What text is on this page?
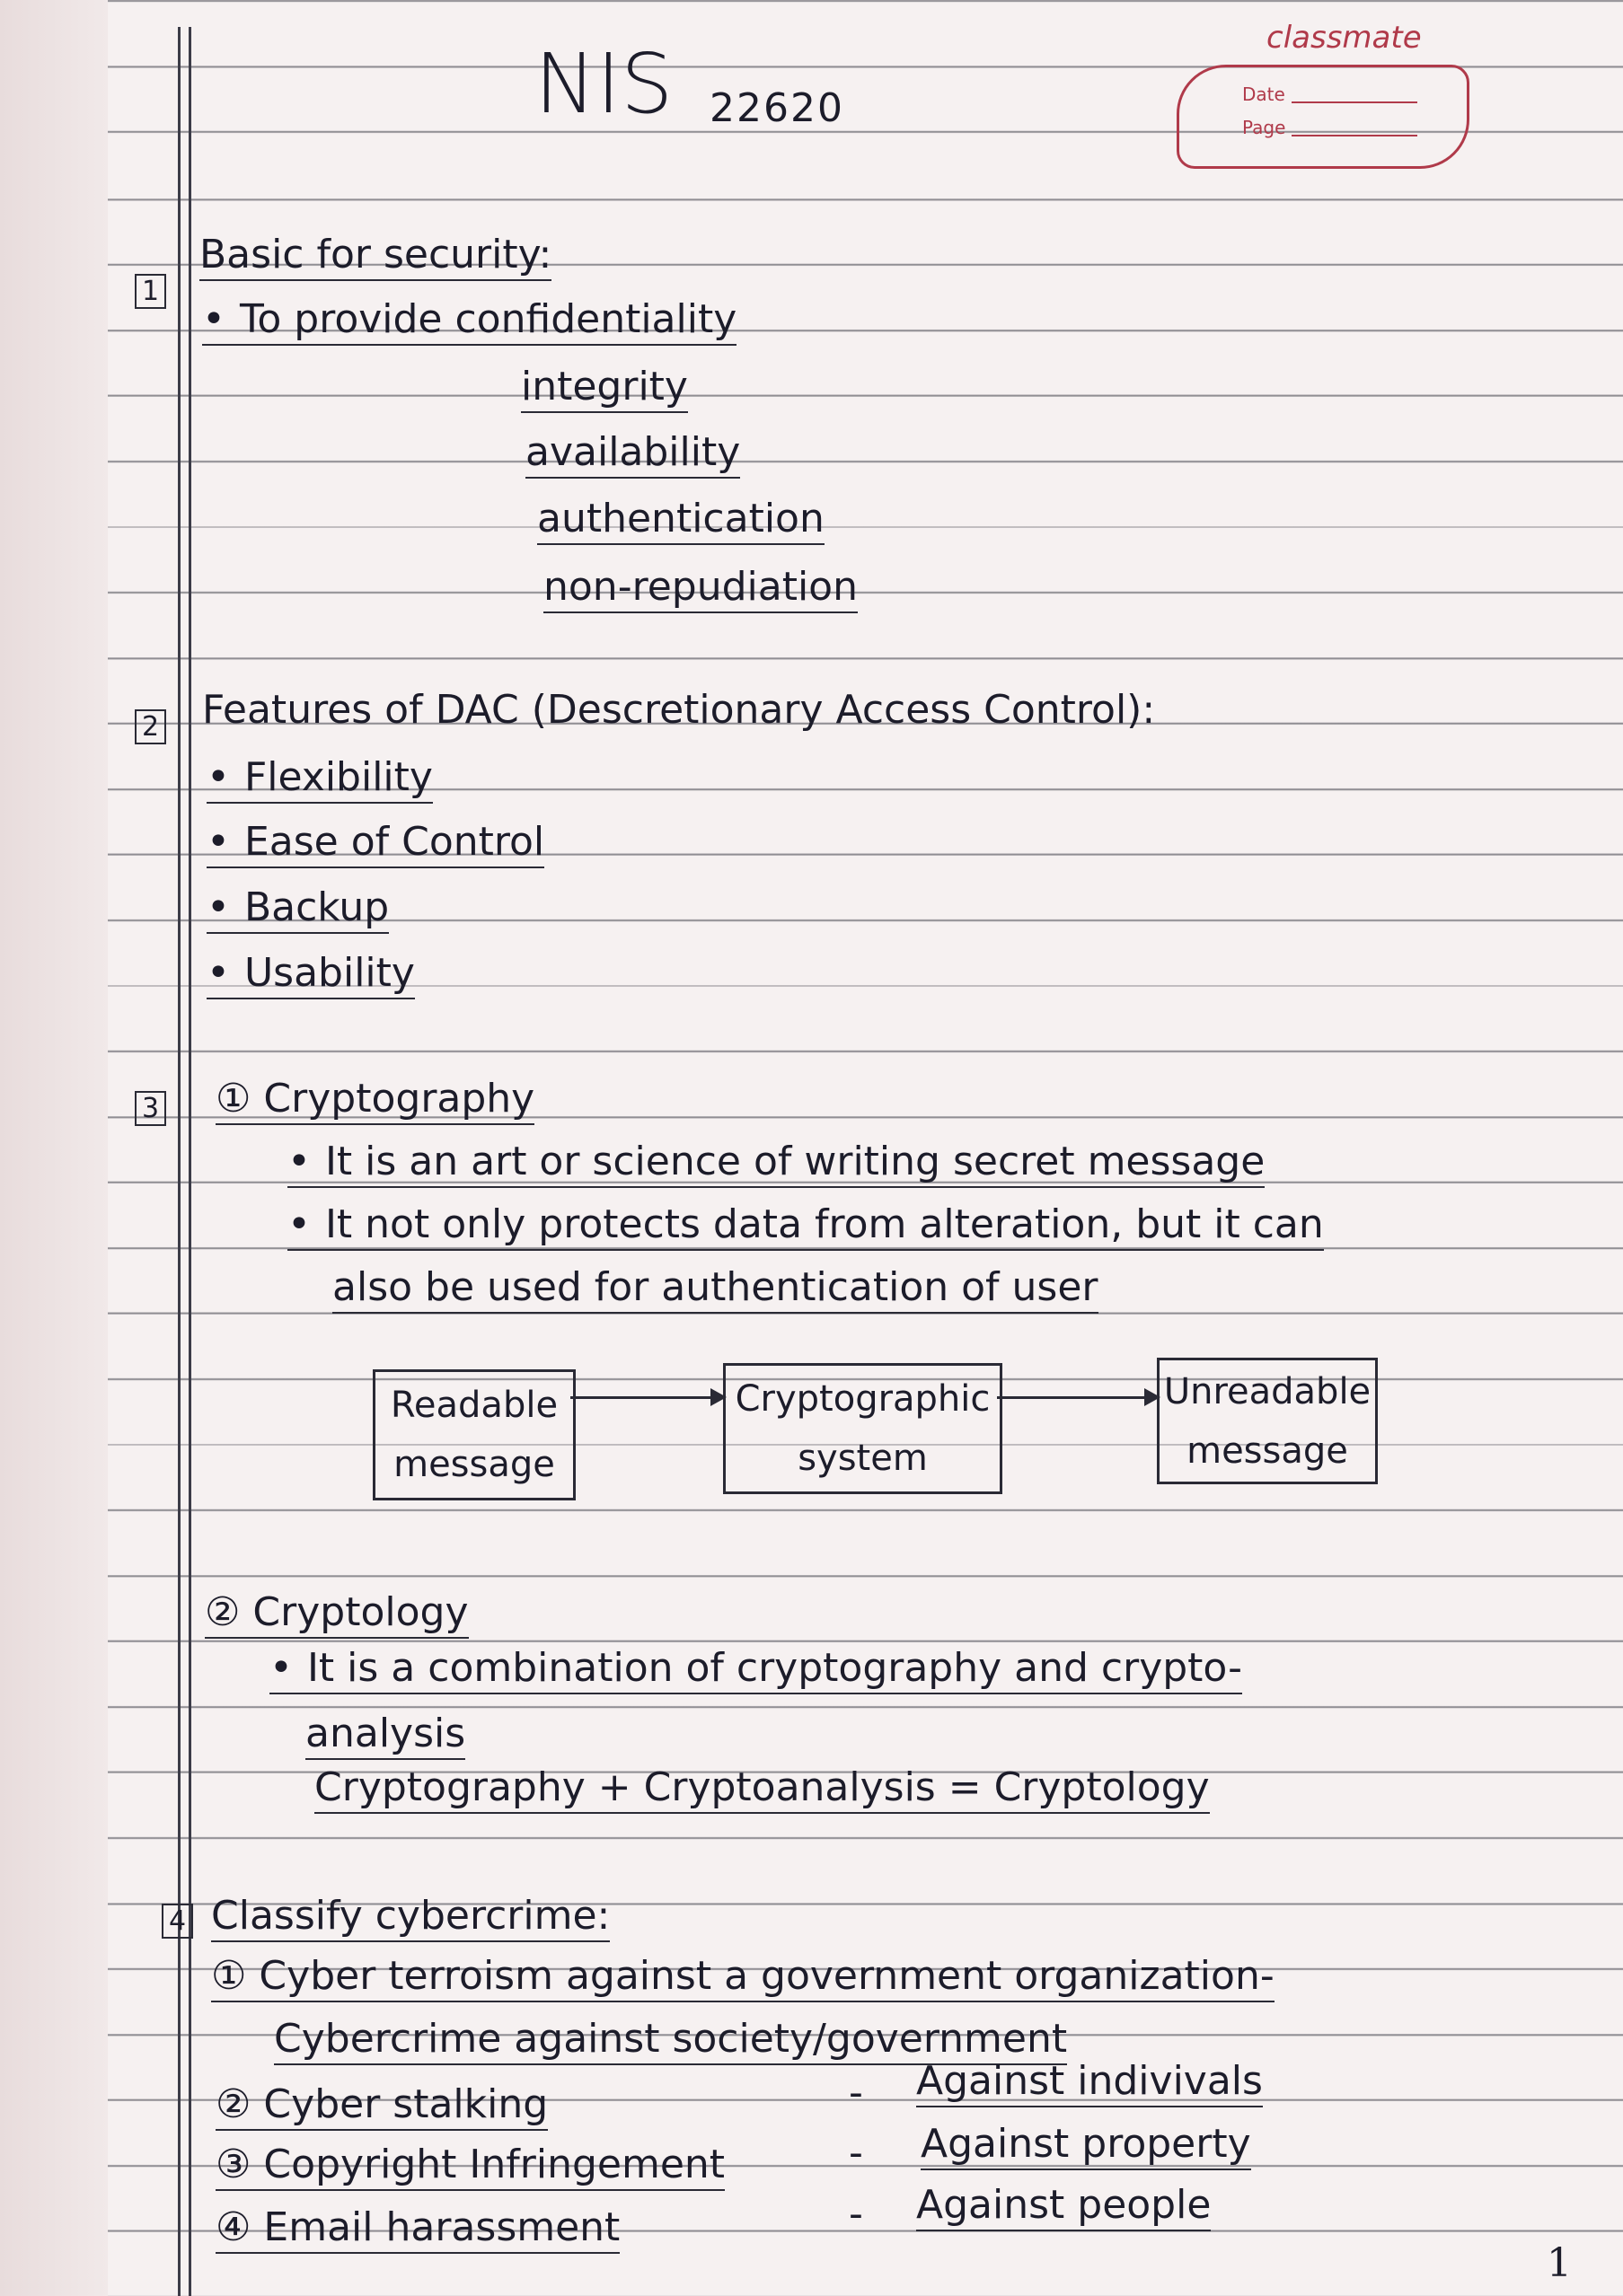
NIS 22620
classmate
Date
Page
1
Basic for security:
• To provide confidentiality
integrity
availability
authentication
non-repudiation
2 Features of DAC (Descretionary Access Control):
• Flexibility
• Ease of Control
• Backup
• Usability
3 ① Cryptography
• It is an art or science of writing secret message
• It not only protects data from alteration, but it can
also be used for authentication of user
Readable
message
Cryptographic
system
Unreadable
message
② Cryptology
• It is a combination of cryptography and crypto-
analysis
Cryptography + Cryptoanalysis = Cryptology
4 Classify cybercrime:
① Cyber terroism against a government organization-
Cybercrime against society/government
② Cyber stalking	- Against indivivals
③ Copyright Infringement	- Against property
④ Email harassment	- Against people
1
